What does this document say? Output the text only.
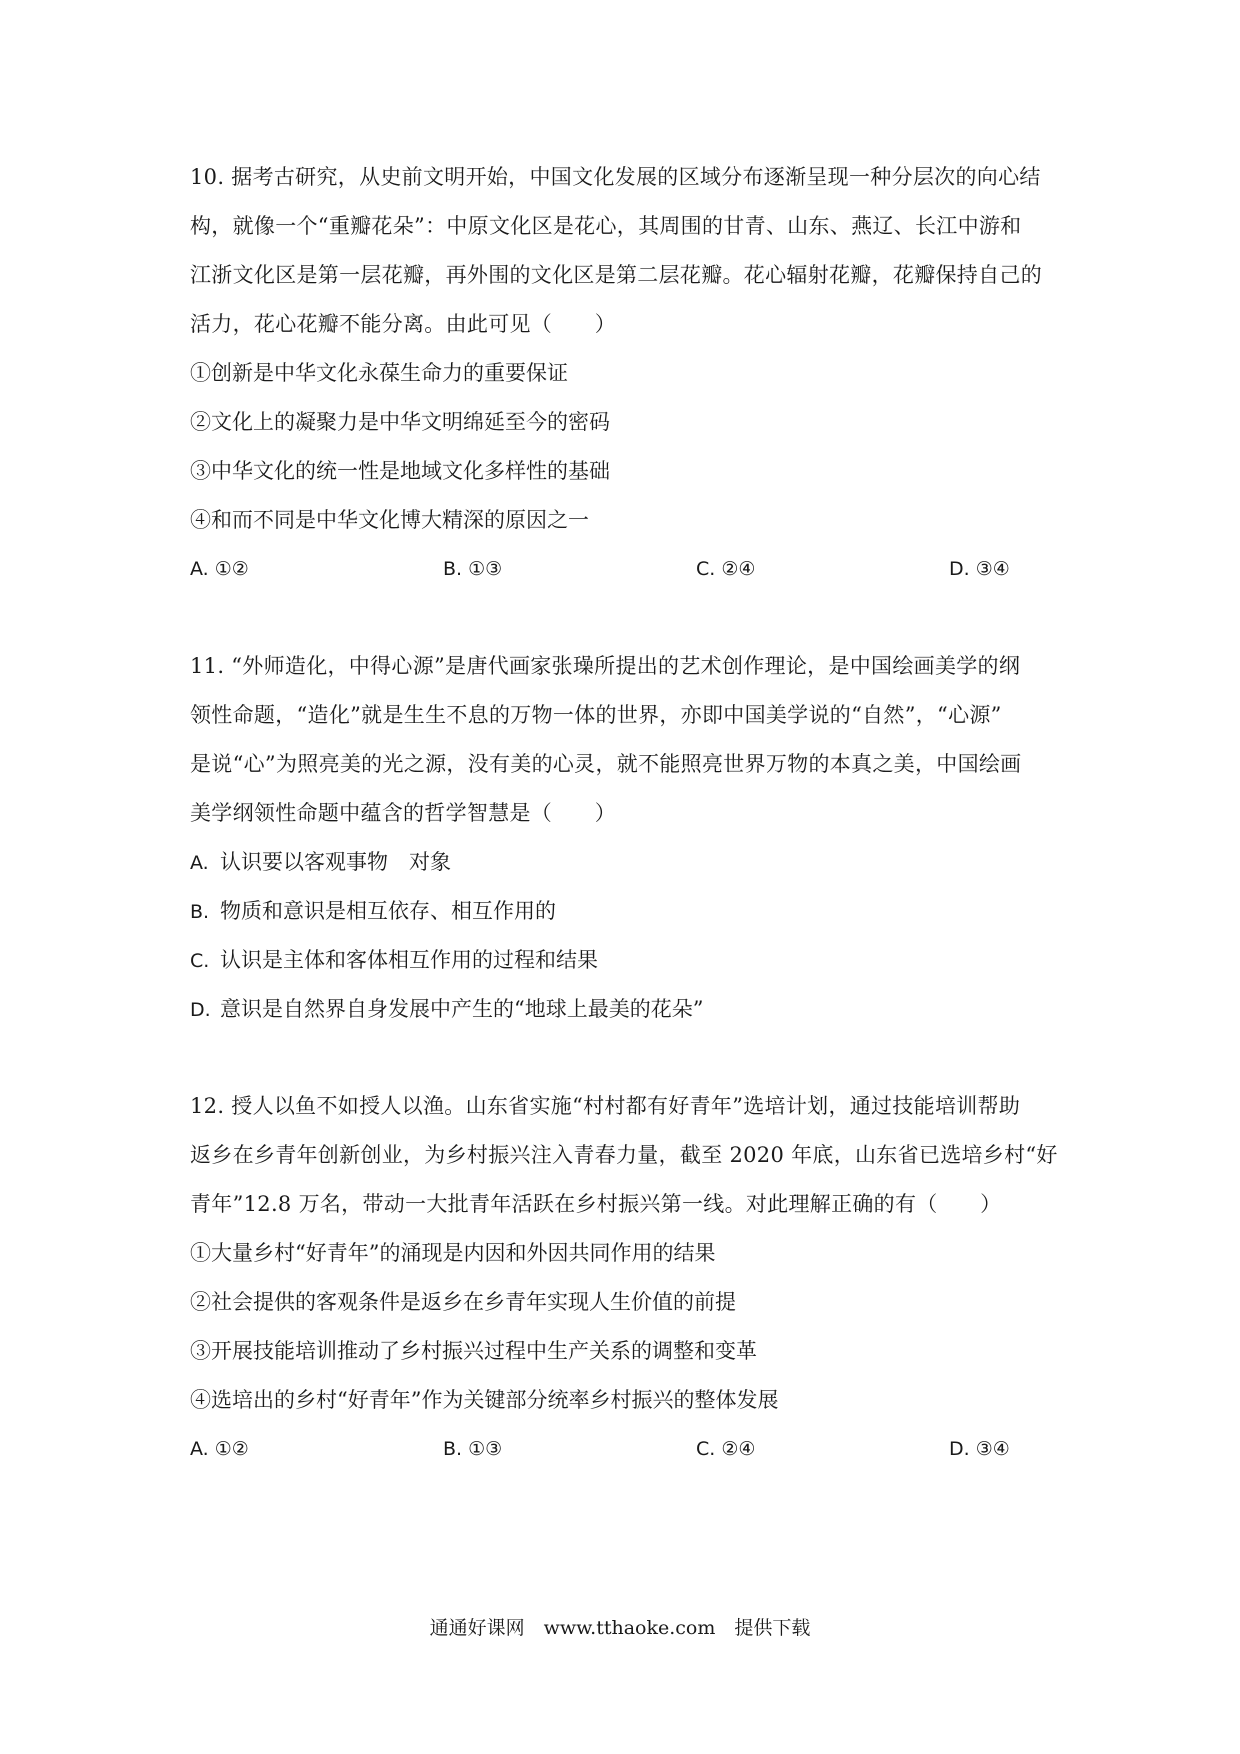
10. 据考古研究，从史前文明开始，中国文化发展的区域分布逐渐呈现一种分层次的向心结
构，就像一个“重瓣花朵”：中原文化区是花心，其周围的甘青、山东、燕辽、长江中游和
江浙文化区是第一层花瓣，再外围的文化区是第二层花瓣。花心辐射花瓣，花瓣保持自己的
活力，花心花瓣不能分离。由此可见（　　）
①创新是中华文化永葆生命力的重要保证
②文化上的凝聚力是中华文明绵延至今的密码
③中华文化的统一性是地域文化多样性的基础
④和而不同是中华文化博大精深的原因之一
A. ①②	B. ①③	C. ②④	D. ③④
11. “外师造化，中得心源”是唐代画家张璪所提出的艺术创作理论，是中国绘画美学的纲
领性命题，“造化”就是生生不息的万物一体的世界，亦即中国美学说的“自然”，“心源”
是说“心”为照亮美的光之源，没有美的心灵，就不能照亮世界万物的本真之美，中国绘画
美学纲领性命题中蕴含的哲学智慧是（　　）
A. 认识要以客观事物　对象
B. 物质和意识是相互依存、相互作用的
C. 认识是主体和客体相互作用的过程和结果
D. 意识是自然界自身发展中产生的“地球上最美的花朵”
12. 授人以鱼不如授人以渔。山东省实施“村村都有好青年”选培计划，通过技能培训帮助
返乡在乡青年创新创业，为乡村振兴注入青春力量，截至 2020 年底，山东省已选培乡村“好
青年”12.8 万名，带动一大批青年活跃在乡村振兴第一线。对此理解正确的有（　　）
①大量乡村“好青年”的涌现是内因和外因共同作用的结果
②社会提供的客观条件是返乡在乡青年实现人生价值的前提
③开展技能培训推动了乡村振兴过程中生产关系的调整和变革
④选培出的乡村“好青年”作为关键部分统率乡村振兴的整体发展
A. ①②	B. ①③	C. ②④	D. ③④
通通好课网　www.tthaoke.com　提供下载
